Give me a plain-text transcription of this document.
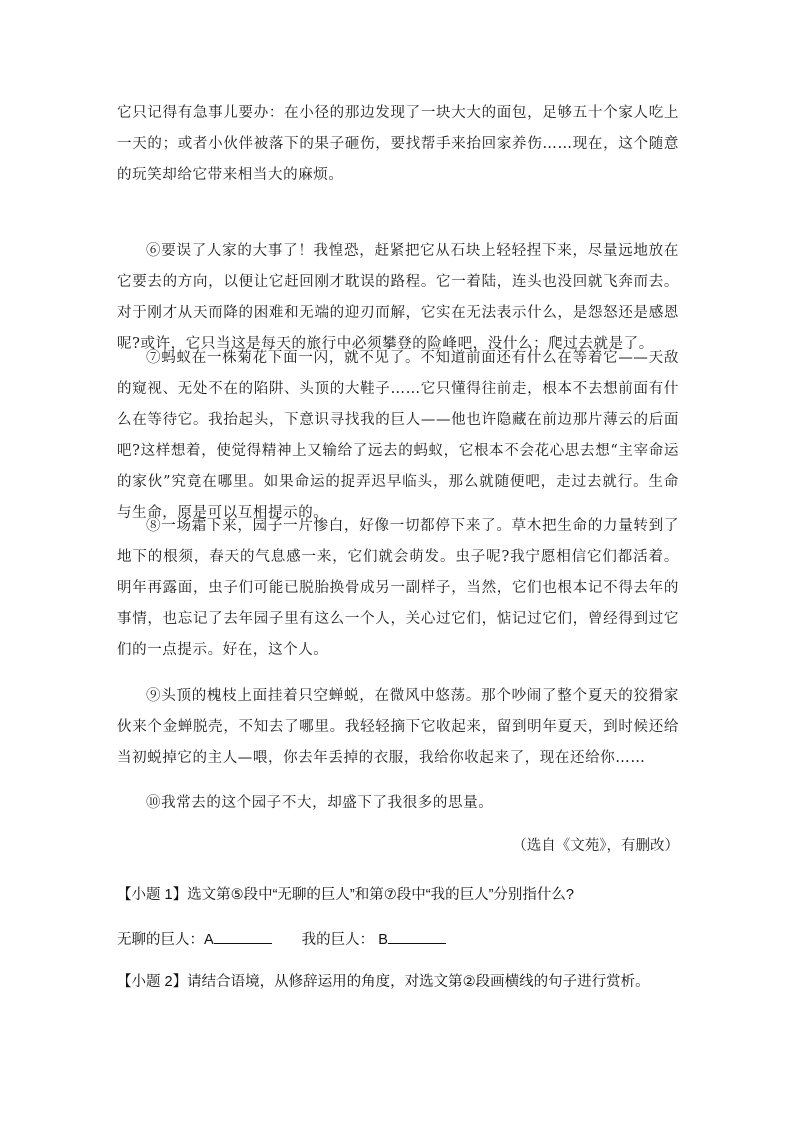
它只记得有急事儿要办：在小径的那边发现了一块大大的面包，足够五十个家人吃上一天的；或者小伙伴被落下的果子砸伤，要找帮手来抬回家养伤……现在，这个随意的玩笑却给它带来相当大的麻烦。

⑥要误了人家的大事了！我惶恐，赶紧把它从石块上轻轻捏下来，尽量远地放在它要去的方向，以便让它赶回刚才耽误的路程。它一着陆，连头也没回就飞奔而去。对于刚才从天而降的困难和无端的迎刃而解，它实在无法表示什么，是怨怒还是感恩呢?或许，它只当这是每天的旅行中必须攀登的险峰吧，没什么；爬过去就是了。

⑦蚂蚁在一株菊花下面一闪，就不见了。不知道前面还有什么在等着它——天敌的窥视、无处不在的陷阱、头顶的大鞋子……它只懂得往前走，根本不去想前面有什么在等待它。我抬起头，下意识寻找我的巨人——他也许隐藏在前边那片薄云的后面吧?这样想着，使觉得精神上又输给了远去的蚂蚁，它根本不会花心思去想“主宰命运的家伙”究竟在哪里。如果命运的捉弄迟早临头，那么就随便吧，走过去就行。生命与生命，原是可以互相提示的。

⑧一场霜下来，园子一片惨白，好像一切都停下来了。草木把生命的力量转到了地下的根须，春天的气息感一来，它们就会萌发。虫子呢?我宁愿相信它们都活着。明年再露面，虫子们可能已脱胎换骨成另一副样子，当然，它们也根本记不得去年的事情，也忘记了去年园子里有这么一个人，关心过它们，惦记过它们，曾经得到过它们的一点提示。好在，这个人。

⑨头顶的槐枝上面挂着只空蝉蜕，在微风中悠荡。那个吵闹了整个夏天的狡猾家伙来个金蝉脱壳，不知去了哪里。我轻轻摘下它收起来，留到明年夏天，到时候还给当初蜕掉它的主人—喂，你去年丢掉的衣服，我给你收起来了，现在还给你……

⑩我常去的这个园子不大，却盛下了我很多的思量。

（选自《文苑》，有删改）

【小题 1】选文第⑤段中“无聊的巨人”和第⑦段中“我的巨人”分别指什么?

无聊的巨人：A	我的巨人： B

【小题 2】请结合语境，从修辞运用的角度，对选文第②段画横线的句子进行赏析。
